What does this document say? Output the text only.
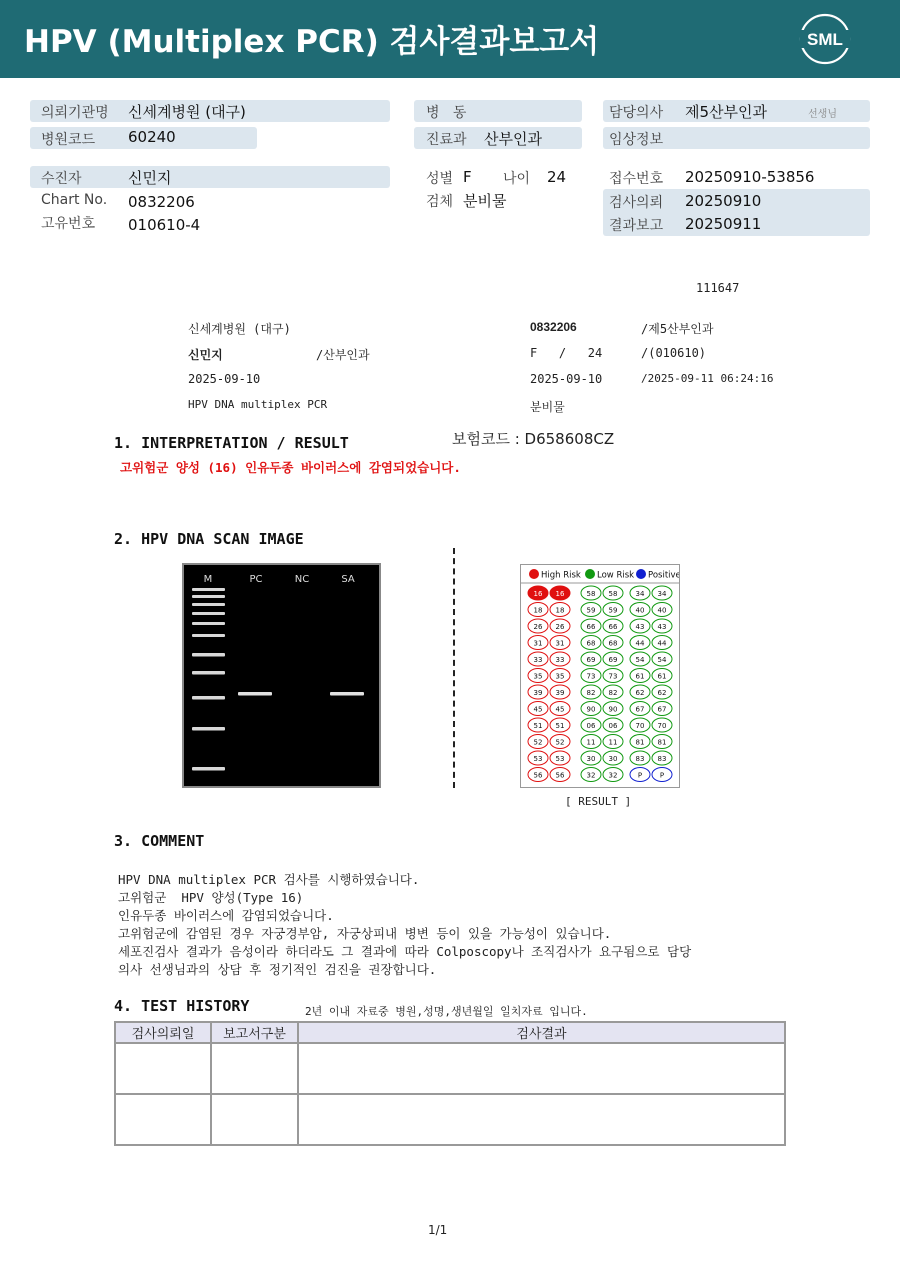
HPV (Multiplex PCR) 검사결과보고서	SML
의뢰기관명 신세계병원 (대구)
병원코드 60240
병   동
진료과 산부인과
담당의사 제5산부인과	선생님
임상정보
수진자	신민지
Chart No. 0832206
고유번호 010610-4
성별 F 나이 24
검체 분비물
접수번호 20250910-53856
검사의뢰 20250910
결과보고 20250911
111647
신세계병원 (대구)	0832206	/제5산부인과
신민지	/산부인과	F   /   24	/(010610)
2025-09-10	2025-09-10	/2025-09-11 06:24:16
HPV DNA multiplex PCR	분비물
1. INTERPRETATION / RESULT	보험코드 : D658608CZ
고위험군 양성 (16) 인유두종 바이러스에 감염되었습니다.
2. HPV DNA SCAN IMAGE
M	PC	NC	SA	High Risk Low Risk Positive
16 16	58 58	34 34
18 18	59 59	40 40
26 26	66 66	43 43
31 31	68 68	44 44
33 33	69 69	54 54
35 35	73 73	61 61
39 39	82 82	62 62
45 45	90 90	67 67
51 51	06 06	70 70
52 52	11 11	81 81
53 53	30 30	83 83
56 56	32 32	P	P
[ RESULT ]
3. COMMENT
HPV DNA multiplex PCR 검사를 시행하였습니다.
고위험군  HPV 양성(Type 16)
인유두종 바이러스에 감염되었습니다.
고위험군에 감염된 경우 자궁경부암, 자궁상피내 병변 등이 있을 가능성이 있습니다.
세포진검사 결과가 음성이라 하더라도 그 결과에 따라 Colposcopy나 조직검사가 요구됨으로 담당
의사 선생님과의 상담 후 정기적인 검진을 권장합니다.
4. TEST HISTORY	2년 이내 자료중 병원,성명,생년월일 일치자료 입니다.
검사의뢰일	보고서구분	검사결과

1/1
